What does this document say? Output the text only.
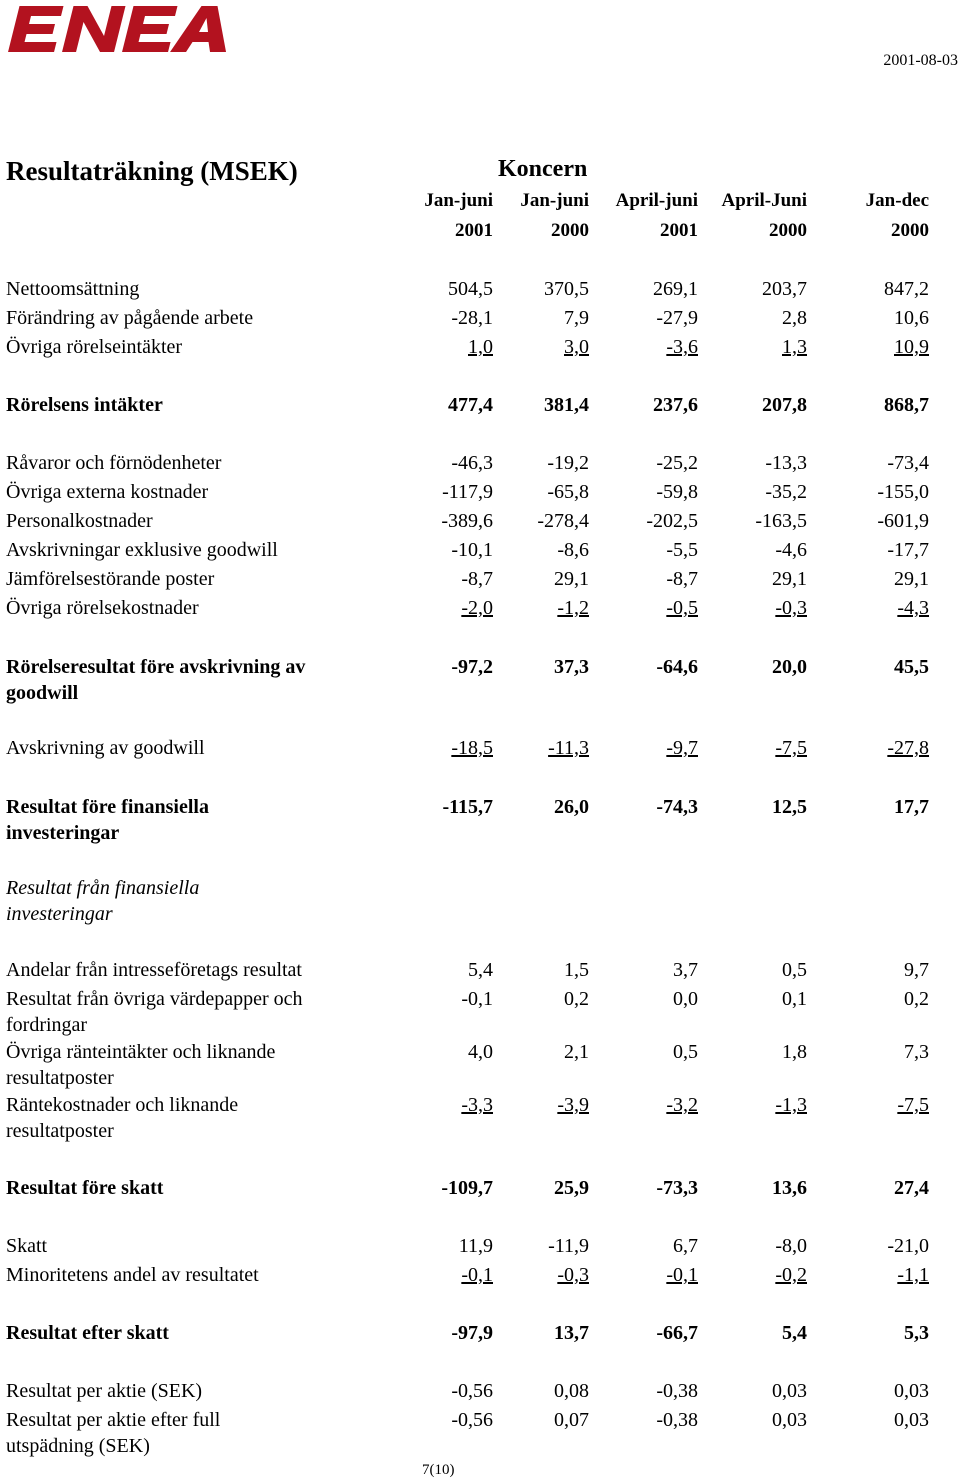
2001-08-03
Resultaträkning (MSEK)	Koncern
Jan-juni Jan-juni April-juni April-Juni	Jan-dec
2001	2000	2001	2000	2000
Nettoomsättning	504,5	370,5	269,1	203,7	847,2
Förändring av pågående arbete	-28,1	7,9	-27,9	2,8	10,6
Övriga rörelseintäkter	1,0	3,0	-3,6	1,3	10,9
Rörelsens intäkter	477,4	381,4	237,6	207,8	868,7
Råvaror och förnödenheter	-46,3	-19,2	-25,2	-13,3	-73,4
Övriga externa kostnader	-117,9	-65,8	-59,8	-35,2	-155,0
Personalkostnader	-389,6 -278,4	-202,5	-163,5	-601,9
Avskrivningar exklusive goodwill	-10,1	-8,6	-5,5	-4,6	-17,7
Jämförelsestörande poster	-8,7	29,1	-8,7	29,1	29,1
Övriga rörelsekostnader	-2,0	-1,2	-0,5	-0,3	-4,3
Rörelseresultat före avskrivning av goodwill
-97,2	37,3	-64,6	20,0	45,5
Avskrivning av goodwill	-18,5	-11,3	-9,7	-7,5	-27,8
Resultat före finansiella investeringar
-115,7	26,0	-74,3	12,5	17,7
Resultat från finansiella investeringar
Andelar från intresseföretags resultat	5,4	1,5	3,7	0,5	9,7
Resultat från övriga värdepapper och fordringar
-0,1	0,2	0,0	0,1	0,2
Övriga ränteintäkter och liknande resultatposter
4,0	2,1	0,5	1,8	7,3
Räntekostnader och liknande resultatposter
-3,3	-3,9	-3,2	-1,3	-7,5
Resultat före skatt	-109,7	25,9	-73,3	13,6	27,4
Skatt	11,9	-11,9	6,7	-8,0	-21,0
Minoritetens andel av resultatet	-0,1	-0,3	-0,1	-0,2	-1,1
Resultat efter skatt	-97,9	13,7	-66,7	5,4	5,3
Resultat per aktie (SEK)	-0,56	0,08	-0,38	0,03	0,03
Resultat per aktie efter full utspädning (SEK)
-0,56	0,07	-0,38	0,03	0,03
7(10)
